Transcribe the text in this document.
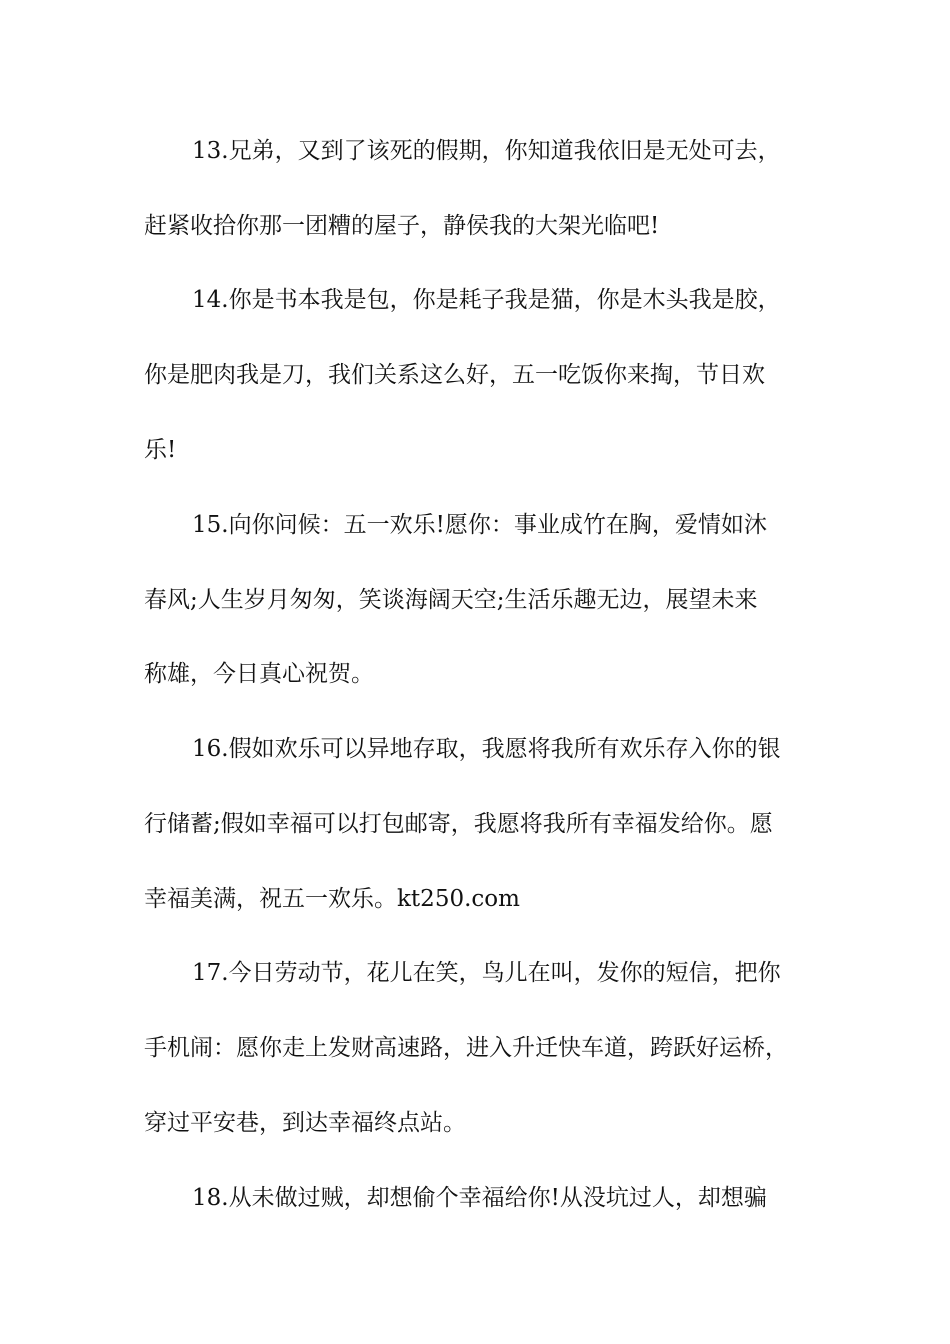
13.兄弟，又到了该死的假期，你知道我依旧是无处可去，

赶紧收拾你那一团糟的屋子，静侯我的大架光临吧!

14.你是书本我是包，你是耗子我是猫，你是木头我是胶，

你是肥肉我是刀，我们关系这么好，五一吃饭你来掏，节日欢

乐!

15.向你问候：五一欢乐!愿你：事业成竹在胸，爱情如沐

春风;人生岁月匆匆，笑谈海阔天空;生活乐趣无边，展望未来

称雄，今日真心祝贺。

16.假如欢乐可以异地存取，我愿将我所有欢乐存入你的银

行储蓄;假如幸福可以打包邮寄，我愿将我所有幸福发给你。愿

幸福美满，祝五一欢乐。kt250.com

17.今日劳动节，花儿在笑，鸟儿在叫，发你的短信，把你

手机闹：愿你走上发财高速路，进入升迁快车道，跨跃好运桥，

穿过平安巷，到达幸福终点站。

18.从未做过贼，却想偷个幸福给你!从没坑过人，却想骗
